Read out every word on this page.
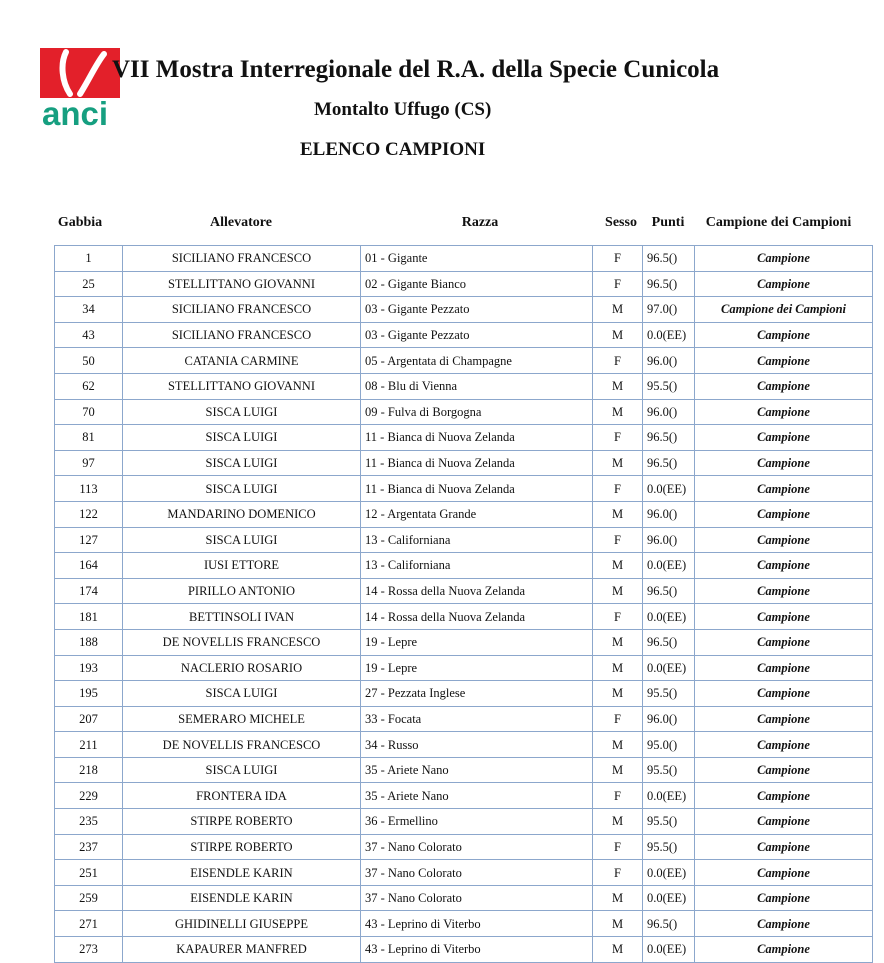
anci
VII Mostra Interregionale del R.A. della Specie Cunicola
Montalto Uffugo (CS)
ELENCO CAMPIONI
Gabbia	Allevatore	Razza	Sesso	Punti	Campione dei Campioni
1	SICILIANO FRANCESCO	01 - Gigante	F	96.5()	Campione
25	STELLITTANO GIOVANNI	02 - Gigante Bianco	F	96.5()	Campione
34	SICILIANO FRANCESCO	03 - Gigante Pezzato	M	97.0()	Campione dei Campioni
43	SICILIANO FRANCESCO	03 - Gigante Pezzato	M	0.0(EE)	Campione
50	CATANIA CARMINE	05 - Argentata di Champagne	F	96.0()	Campione
62	STELLITTANO GIOVANNI	08 - Blu di Vienna	M	95.5()	Campione
70	SISCA LUIGI	09 - Fulva di Borgogna	M	96.0()	Campione
81	SISCA LUIGI	11 - Bianca di Nuova Zelanda	F	96.5()	Campione
97	SISCA LUIGI	11 - Bianca di Nuova Zelanda	M	96.5()	Campione
113	SISCA LUIGI	11 - Bianca di Nuova Zelanda	F	0.0(EE)	Campione
122	MANDARINO DOMENICO	12 - Argentata Grande	M	96.0()	Campione
127	SISCA LUIGI	13 - Californiana	F	96.0()	Campione
164	IUSI ETTORE	13 - Californiana	M	0.0(EE)	Campione
174	PIRILLO ANTONIO	14 - Rossa della Nuova Zelanda	M	96.5()	Campione
181	BETTINSOLI IVAN	14 - Rossa della Nuova Zelanda	F	0.0(EE)	Campione
188	DE NOVELLIS FRANCESCO	19 - Lepre	M	96.5()	Campione
193	NACLERIO ROSARIO	19 - Lepre	M	0.0(EE)	Campione
195	SISCA LUIGI	27 - Pezzata Inglese	M	95.5()	Campione
207	SEMERARO MICHELE	33 - Focata	F	96.0()	Campione
211	DE NOVELLIS FRANCESCO	34 - Russo	M	95.0()	Campione
218	SISCA LUIGI	35 - Ariete Nano	M	95.5()	Campione
229	FRONTERA IDA	35 - Ariete Nano	F	0.0(EE)	Campione
235	STIRPE ROBERTO	36 - Ermellino	M	95.5()	Campione
237	STIRPE ROBERTO	37 - Nano Colorato	F	95.5()	Campione
251	EISENDLE KARIN	37 - Nano Colorato	F	0.0(EE)	Campione
259	EISENDLE KARIN	37 - Nano Colorato	M	0.0(EE)	Campione
271	GHIDINELLI GIUSEPPE	43 - Leprino di Viterbo	M	96.5()	Campione
273	KAPAURER MANFRED	43 - Leprino di Viterbo	M	0.0(EE)	Campione
